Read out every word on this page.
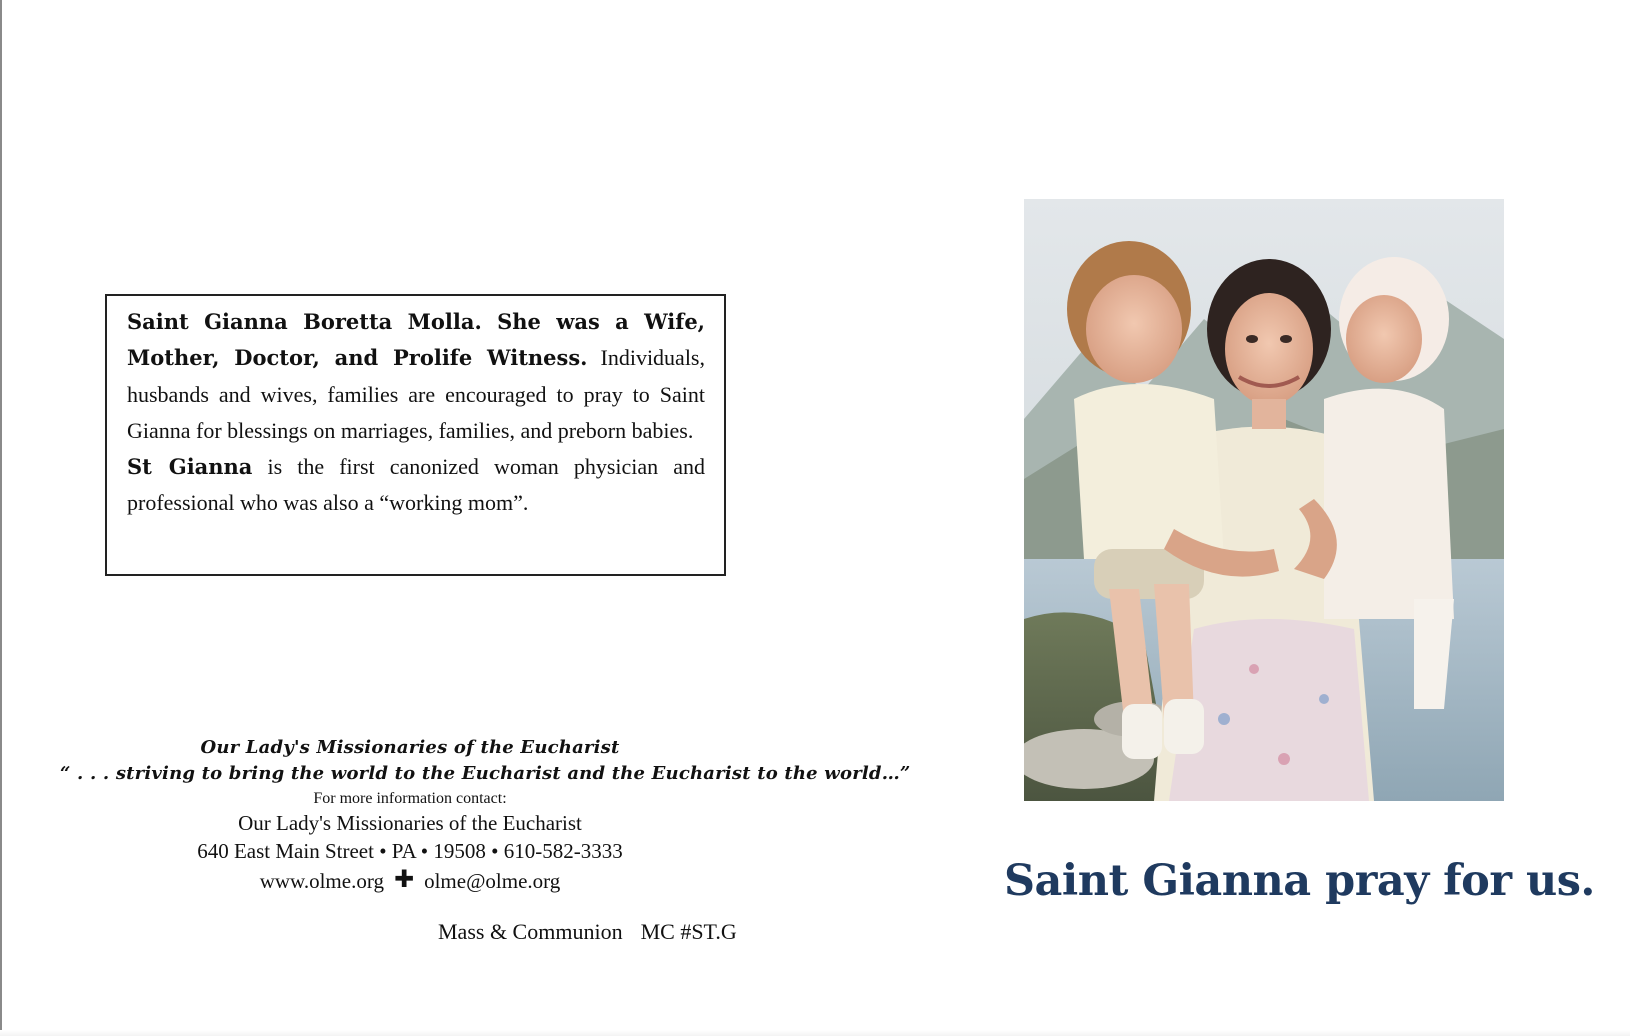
Saint Gianna Boretta Molla. She was a Wife, Mother, Doctor, and Prolife Witness. Individuals, husbands and wives, families are encouraged to pray to Saint Gianna for blessings on marriages, families, and preborn babies.

St Gianna is the first canonized woman physician and professional who was also a “working mom”.

Our Lady's Missionaries of the Eucharist
“ . . . striving to bring the world to the Eucharist and the Eucharist to the world…”
For more information contact:
Our Lady's Missionaries of the Eucharist
640 East Main Street • PA • 19508 • 610-582-3333
www.olme.org ✚ olme@olme.org
Mass & Communion MC #ST.G
Saint Gianna pray for us.
